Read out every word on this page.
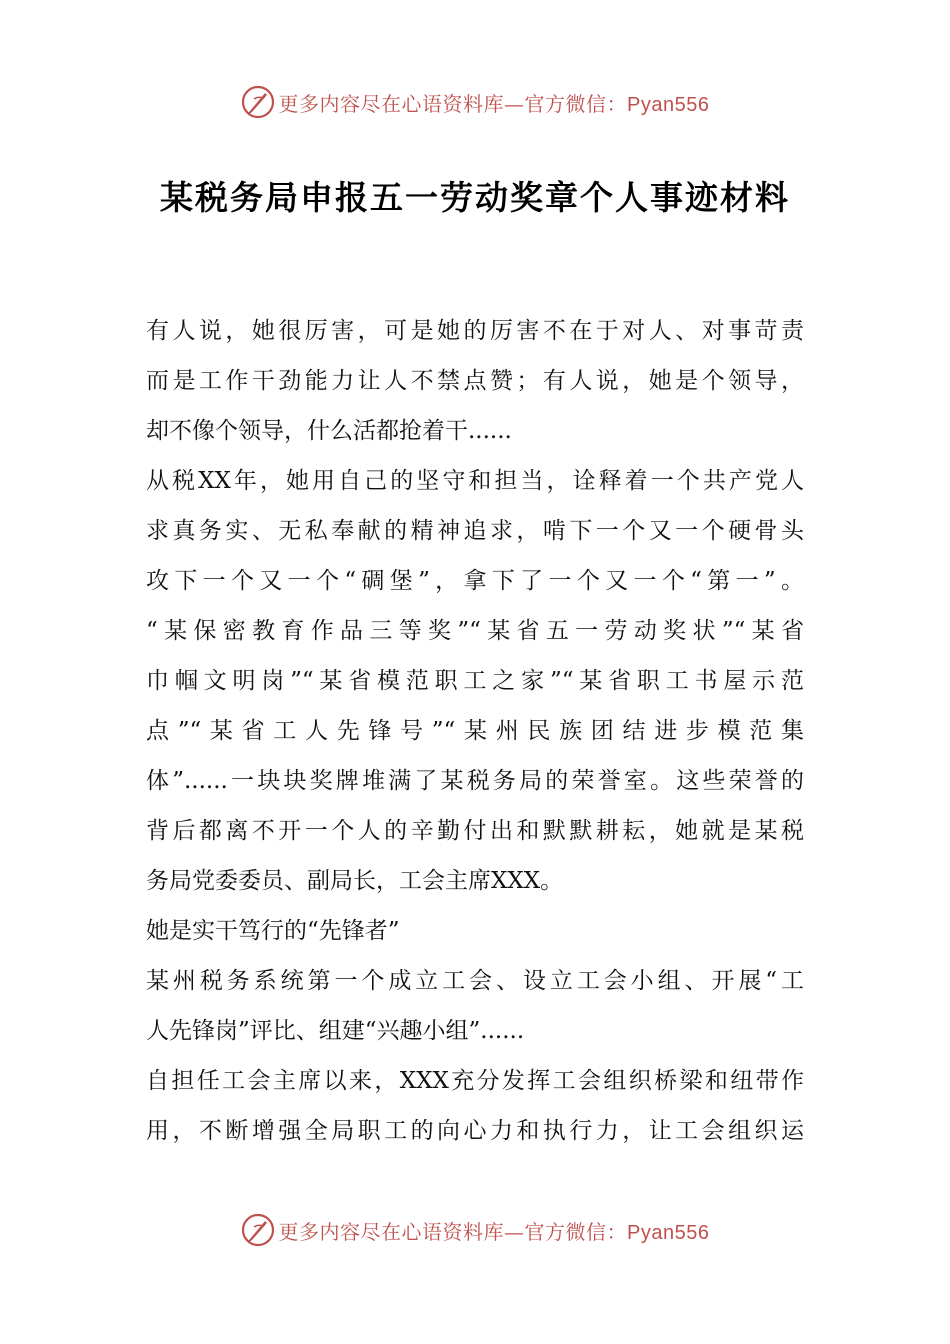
更多内容尽在心语资料库—官方微信：Pyan556
某税务局申报五一劳动奖章个人事迹材料
有人说，她很厉害，可是她的厉害不在于对人、对事苛责
而是工作干劲能力让人不禁点赞；有人说，她是个领导，
却不像个领导，什么活都抢着干......
从税XX年，她用自己的坚守和担当，诠释着一个共产党人
求真务实、无私奉献的精神追求，啃下一个又一个硬骨头
攻下一个又一个“碉堡”，拿下了一个又一个“第一”。
“某保密教育作品三等奖”“某省五一劳动奖状”“某省
巾帼文明岗”“某省模范职工之家”“某省职工书屋示范
点”“某省工人先锋号”“某州民族团结进步模范集
体”......一块块奖牌堆满了某税务局的荣誉室。这些荣誉的
背后都离不开一个人的辛勤付出和默默耕耘，她就是某税
务局党委委员、副局长，工会主席XXX。
她是实干笃行的“先锋者”
某州税务系统第一个成立工会、设立工会小组、开展“工
人先锋岗”评比、组建“兴趣小组”......
自担任工会主席以来，XXX充分发挥工会组织桥梁和纽带作
用，不断增强全局职工的向心力和执行力，让工会组织运
更多内容尽在心语资料库—官方微信：Pyan556
